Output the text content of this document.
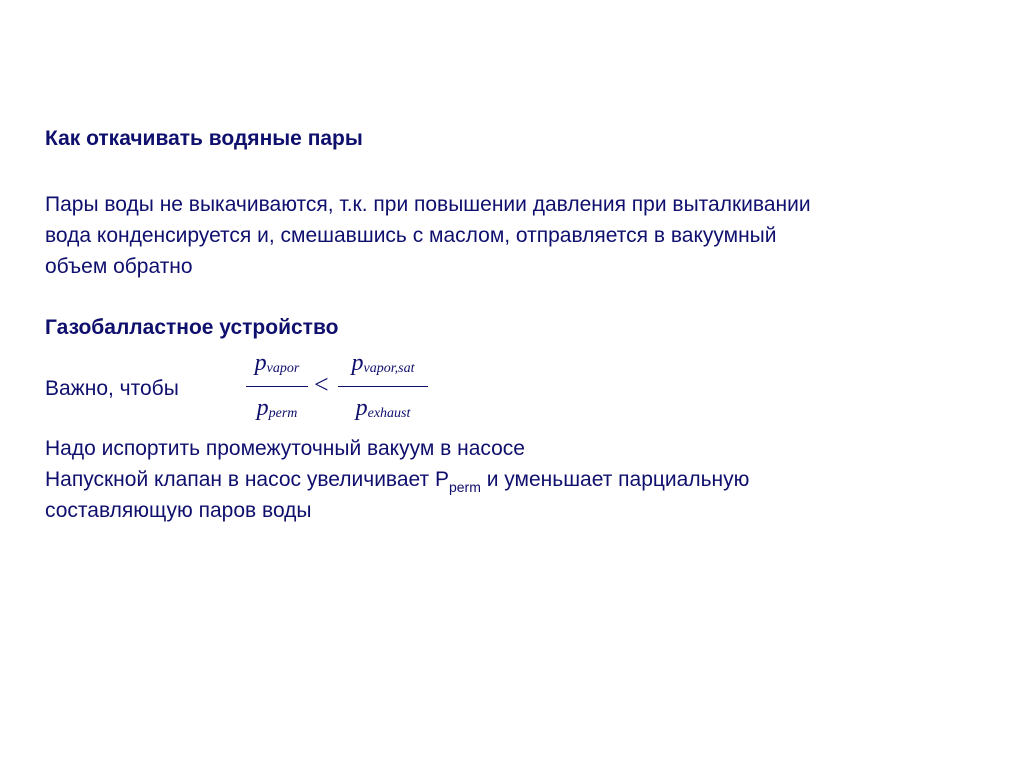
Как откачивать водяные пары
Пары воды не выкачиваются, т.к. при повышении давления при выталкивании
вода конденсируется и, смешавшись с маслом, отправляется в вакуумный
объем обратно
Газобалластное устройство
Важно, чтобы
pvapor
pperm
<
pvapor,sat
pexhaust
Надо испортить промежуточный вакуум в насосе
Напускной клапан в насос увеличивает $P_{perm}$ и уменьшает парциальную
составляющую паров воды
